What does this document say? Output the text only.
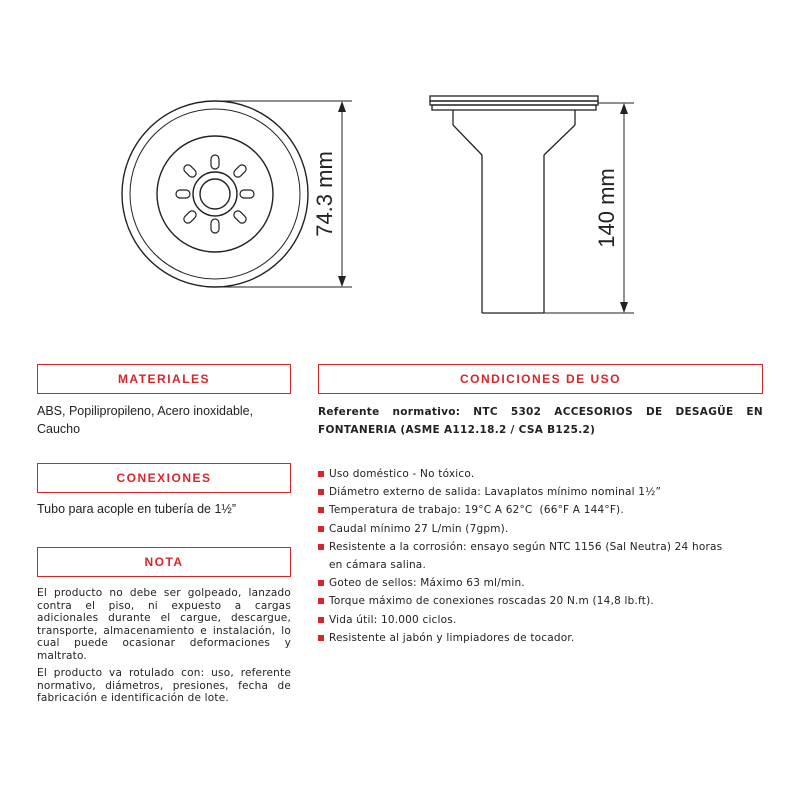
74.3 mm	140 mm
MATERIALES
ABS, Popilipropileno, Acero inoxidable, Caucho
CONEXIONES
Tubo para acople en tubería de 1½”
NOTA

El producto no debe ser golpeado, lanzado contra el piso, ni expuesto a cargas adicionales durante el cargue, descargue, transporte, almacenamiento e instalación, lo cual puede ocasionar deformaciones y maltrato.

El producto va rotulado con: uso, referente normativo, diámetros, presiones, fecha de fabricación e identificación de lote.

CONDICIONES DE USO
Referente normativo: NTC 5302 ACCESORIOS DE DESAGÜE EN FONTANERIA (ASME A112.18.2 / CSA B125.2)
Uso doméstico - No tóxico.
Diámetro externo de salida: Lavaplatos mínimo nominal 1½”
Temperatura de trabajo: 19°C A 62°C  (66°F A 144°F).
Caudal mínimo 27 L/min (7gpm).
Resistente a la corrosión: ensayo según NTC 1156 (Sal Neutra) 24 horas en cámara salina.
Goteo de sellos: Máximo 63 ml/min.
Torque máximo de conexiones roscadas 20 N.m (14,8 lb.ft).
Vida útil: 10.000 ciclos.
Resistente al jabón y limpiadores de tocador.
